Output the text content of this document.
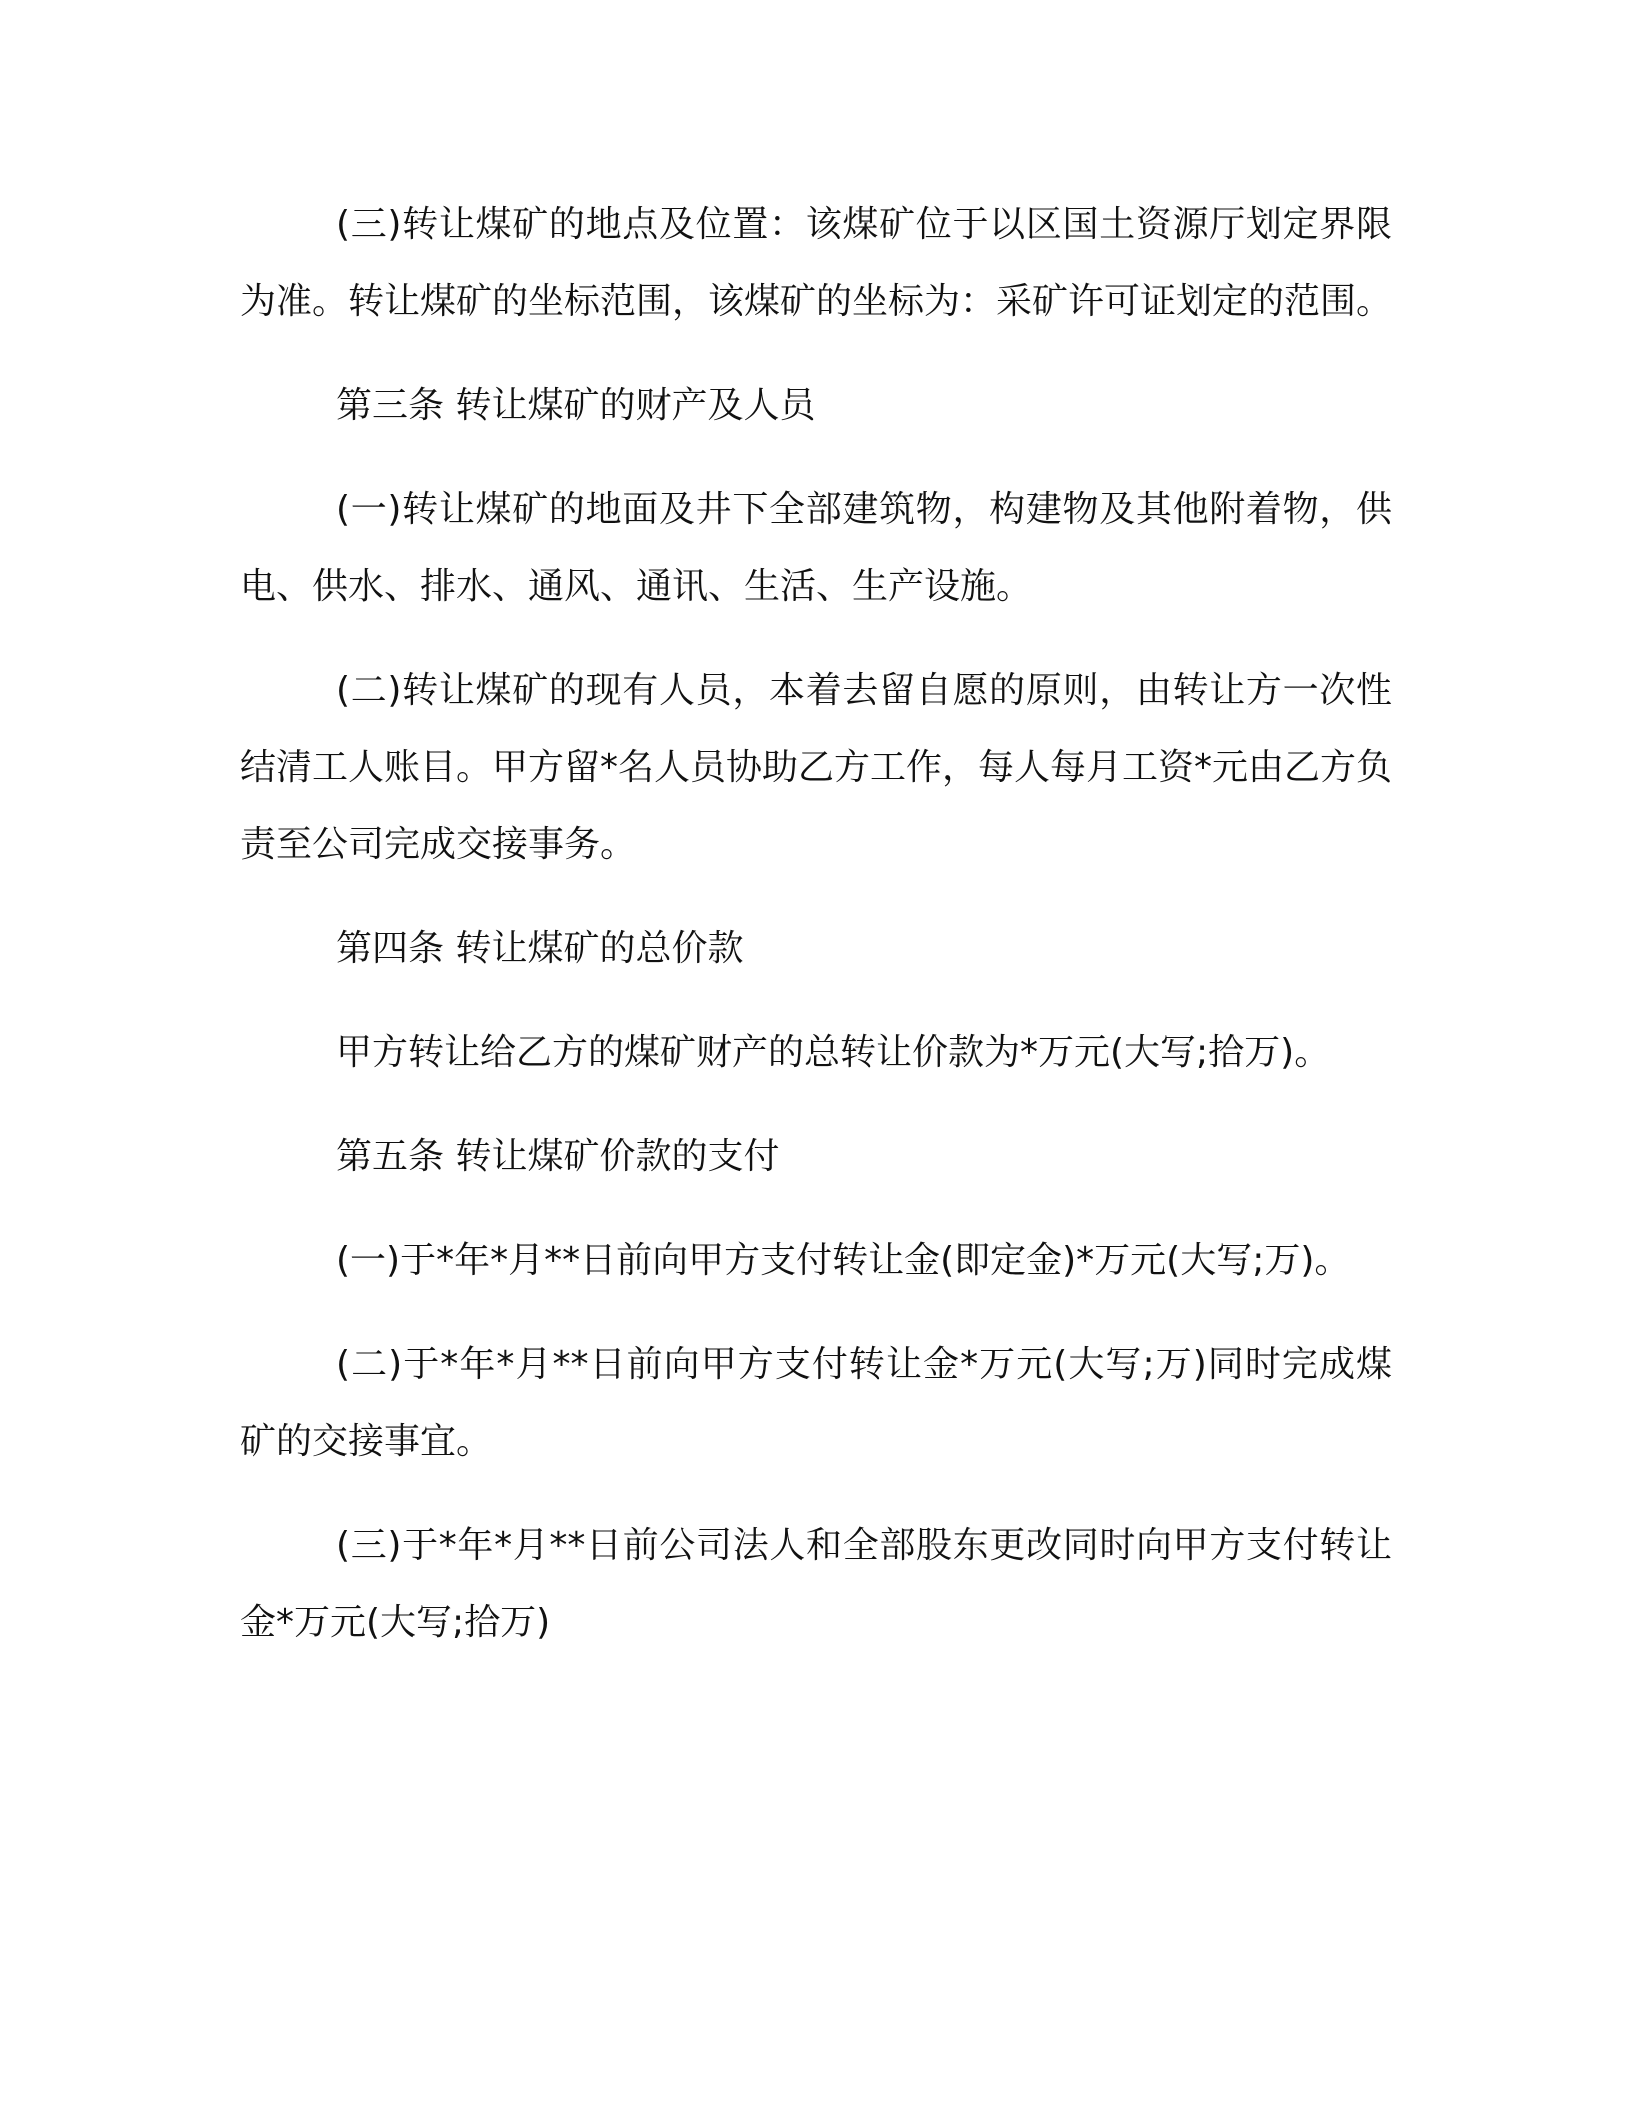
(三)转让煤矿的地点及位置：该煤矿位于以区国土资源厅划定界限为准。转让煤矿的坐标范围，该煤矿的坐标为：采矿许可证划定的范围。

第三条 转让煤矿的财产及人员

(一)转让煤矿的地面及井下全部建筑物，构建物及其他附着物，供电、供水、排水、通风、通讯、生活、生产设施。

(二)转让煤矿的现有人员，本着去留自愿的原则，由转让方一次性结清工人账目。甲方留*名人员协助乙方工作，每人每月工资*元由乙方负责至公司完成交接事务。

第四条 转让煤矿的总价款

甲方转让给乙方的煤矿财产的总转让价款为*万元(大写;拾万)。

第五条 转让煤矿价款的支付

(一)于*年*月**日前向甲方支付转让金(即定金)*万元(大写;万)。

(二)于*年*月**日前向甲方支付转让金*万元(大写;万)同时完成煤矿的交接事宜。

(三)于*年*月**日前公司法人和全部股东更改同时向甲方支付转让金*万元(大写;拾万)
